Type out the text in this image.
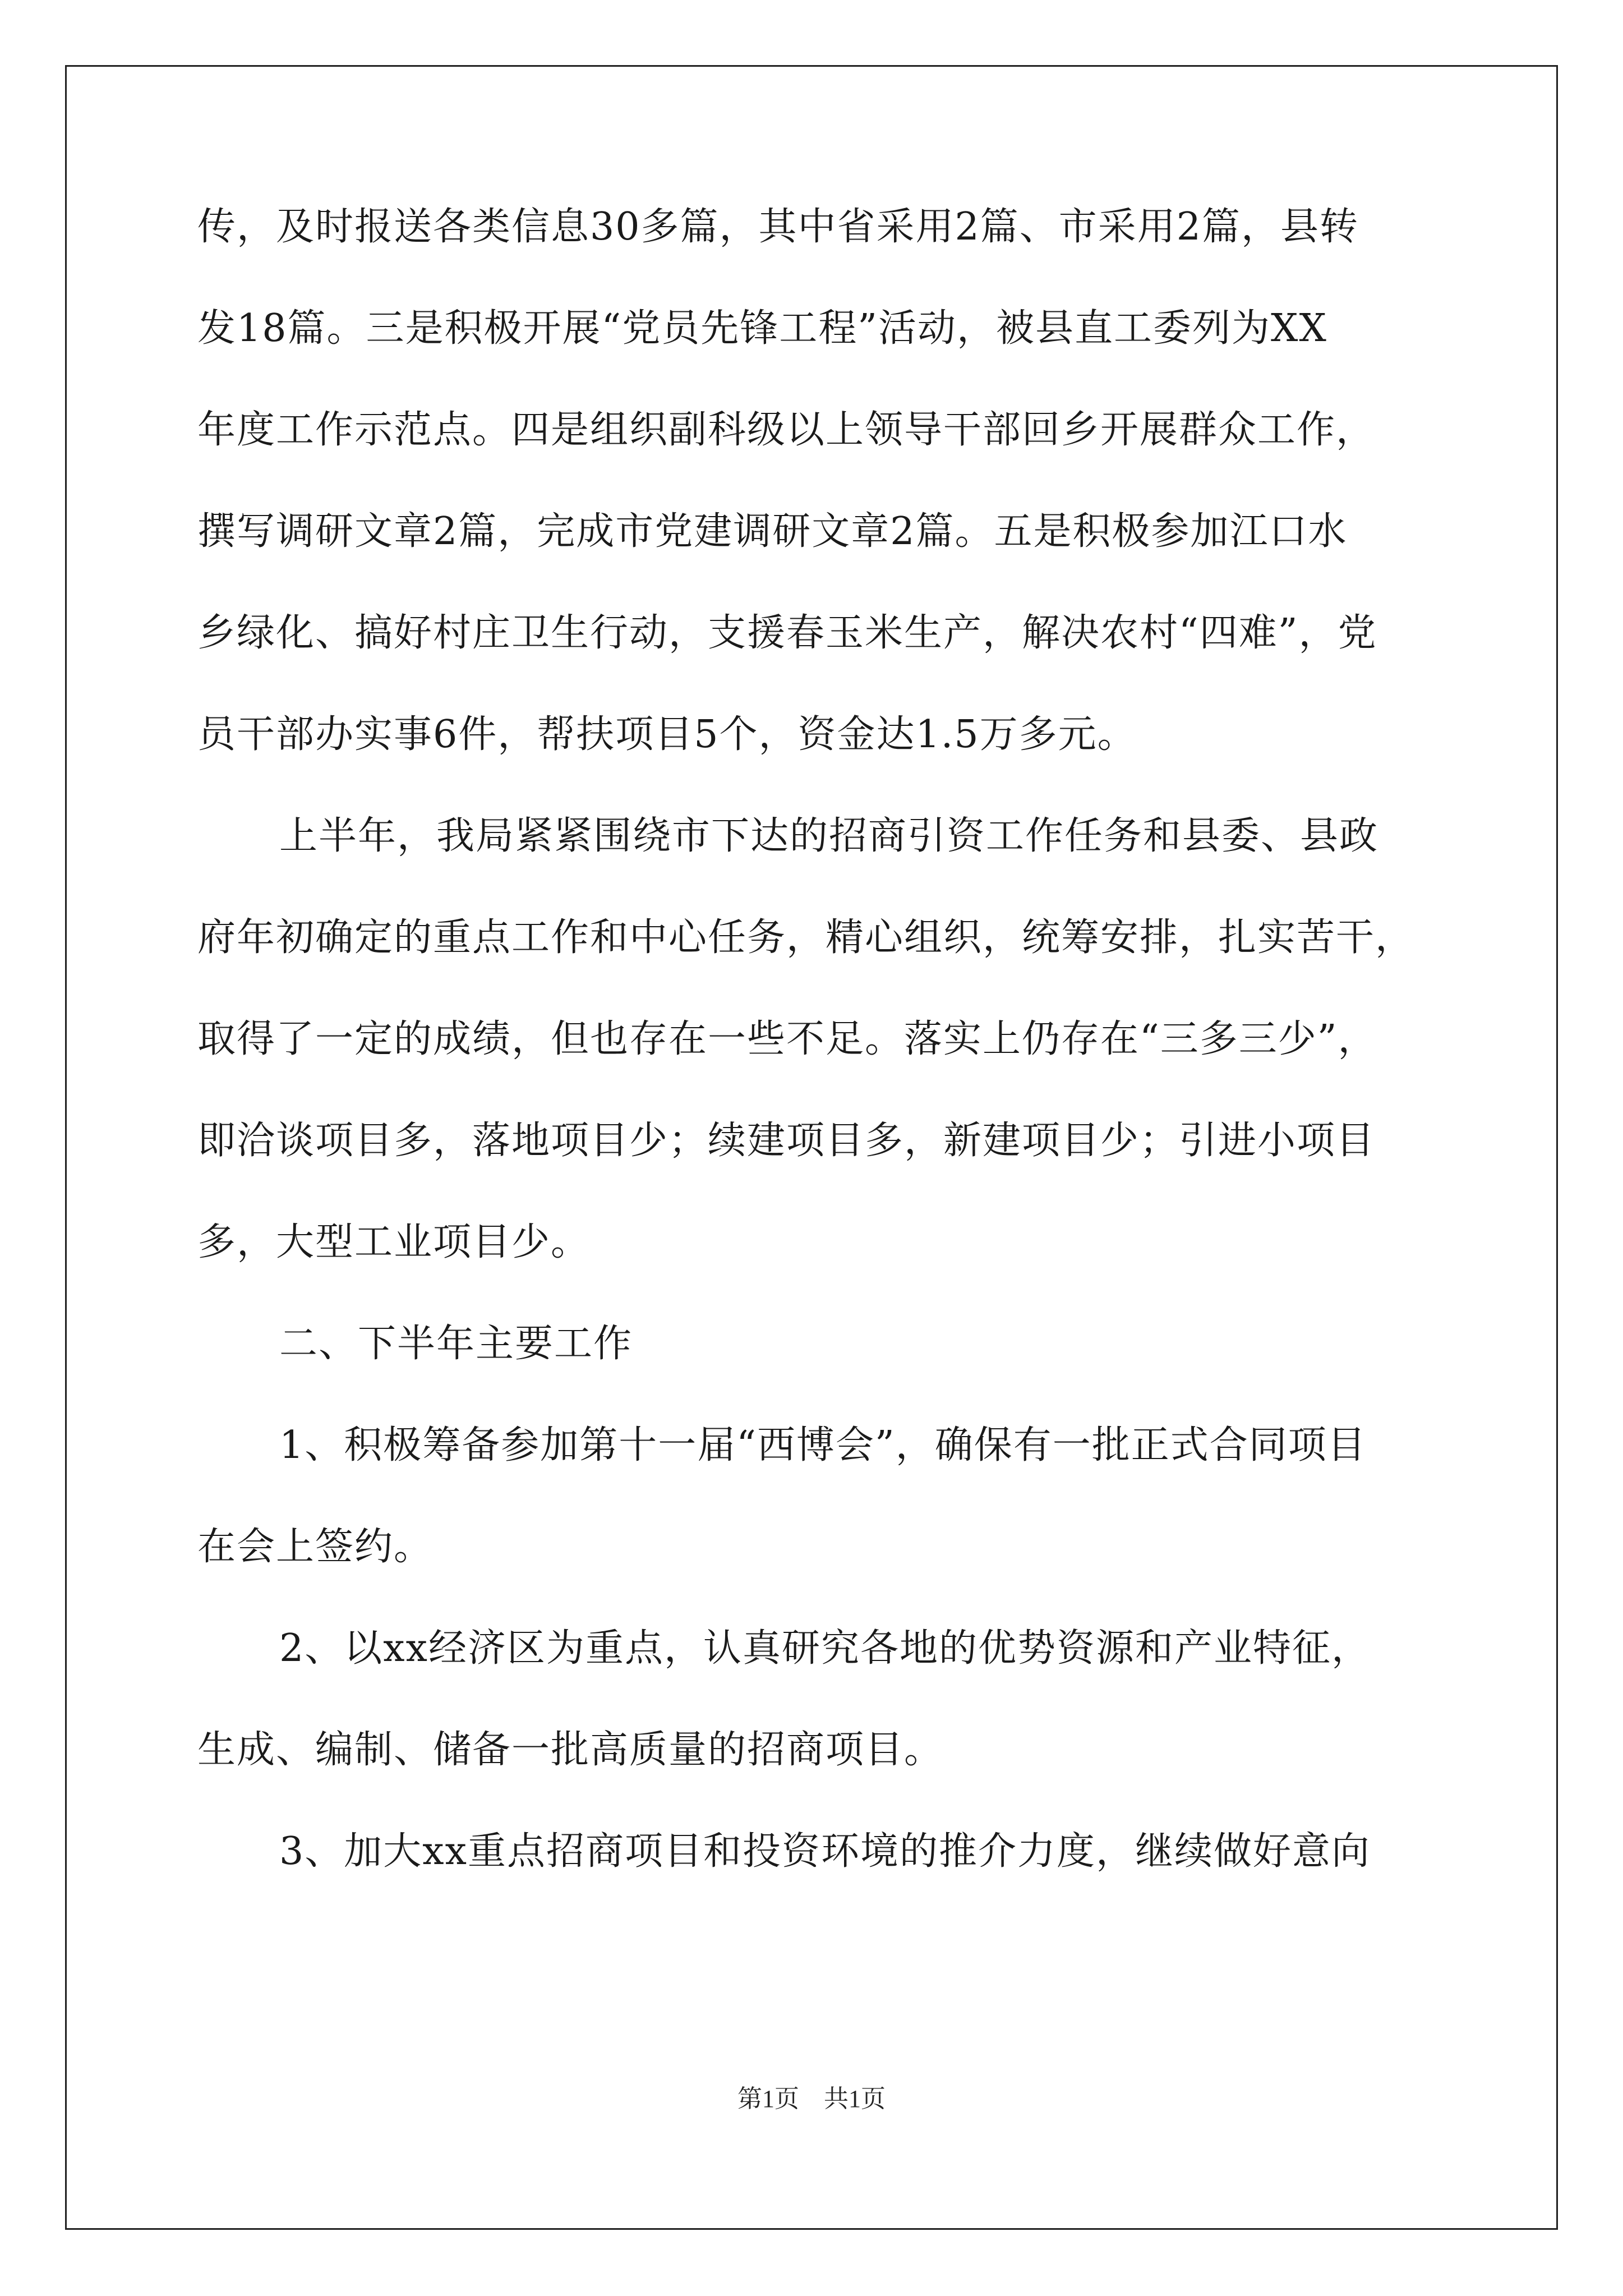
传，及时报送各类信息30多篇，其中省采用2篇、市采用2篇，县转
发18篇。三是积极开展“党员先锋工程”活动，被县直工委列为XX
年度工作示范点。四是组织副科级以上领导干部回乡开展群众工作，
撰写调研文章2篇，完成市党建调研文章2篇。五是积极参加江口水
乡绿化、搞好村庄卫生行动，支援春玉米生产，解决农村“四难”，党
员干部办实事6件，帮扶项目5个，资金达1.5万多元。
上半年，我局紧紧围绕市下达的招商引资工作任务和县委、县政
府年初确定的重点工作和中心任务，精心组织，统筹安排，扎实苦干，
取得了一定的成绩，但也存在一些不足。落实上仍存在“三多三少”，
即洽谈项目多，落地项目少；续建项目多，新建项目少；引进小项目
多，大型工业项目少。
二、下半年主要工作
1、积极筹备参加第十一届“西博会”，确保有一批正式合同项目
在会上签约。
2、以xx经济区为重点，认真研究各地的优势资源和产业特征，
生成、编制、储备一批高质量的招商项目。
3、加大xx重点招商项目和投资环境的推介力度，继续做好意向
第1页　共1页
